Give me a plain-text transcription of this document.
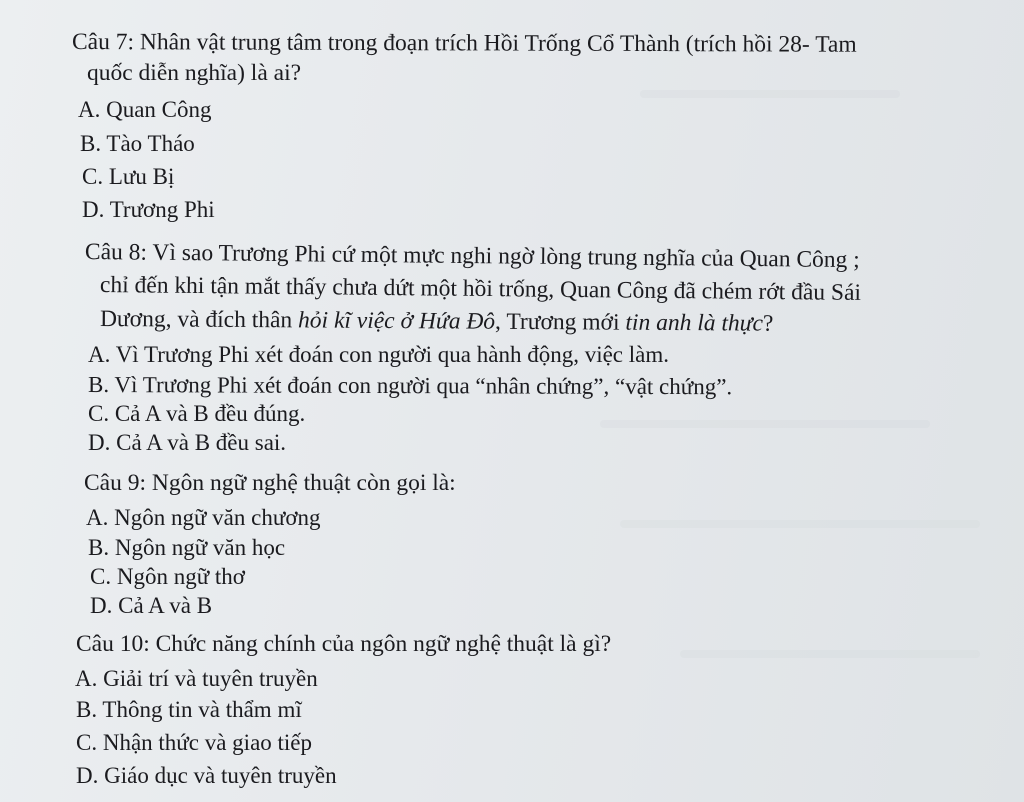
Câu 7: Nhân vật trung tâm trong đoạn trích Hồi Trống Cổ Thành (trích hồi 28- Tam
quốc diễn nghĩa) là ai?
A. Quan Công
B. Tào Tháo
C. Lưu Bị
D. Trương Phi
Câu 8: Vì sao Trương Phi cứ một mực nghi ngờ lòng trung nghĩa của Quan Công ;
chỉ đến khi tận mắt thấy chưa dứt một hồi trống, Quan Công đã chém rớt đầu Sái
Dương, và đích thân hỏi kĩ việc ở Hứa Đô, Trương mới tin anh là thực?
A. Vì Trương Phi xét đoán con người qua hành động, việc làm.
B. Vì Trương Phi xét đoán con người qua “nhân chứng”, “vật chứng”.
C. Cả A và B đều đúng.
D. Cả A và B đều sai.
Câu 9: Ngôn ngữ nghệ thuật còn gọi là:
A. Ngôn ngữ văn chương
B. Ngôn ngữ văn học
C. Ngôn ngữ thơ
D. Cả A và B
Câu 10: Chức năng chính của ngôn ngữ nghệ thuật là gì?
A. Giải trí và tuyên truyền
B. Thông tin và thẩm mĩ
C. Nhận thức và giao tiếp
D. Giáo dục và tuyên truyền
